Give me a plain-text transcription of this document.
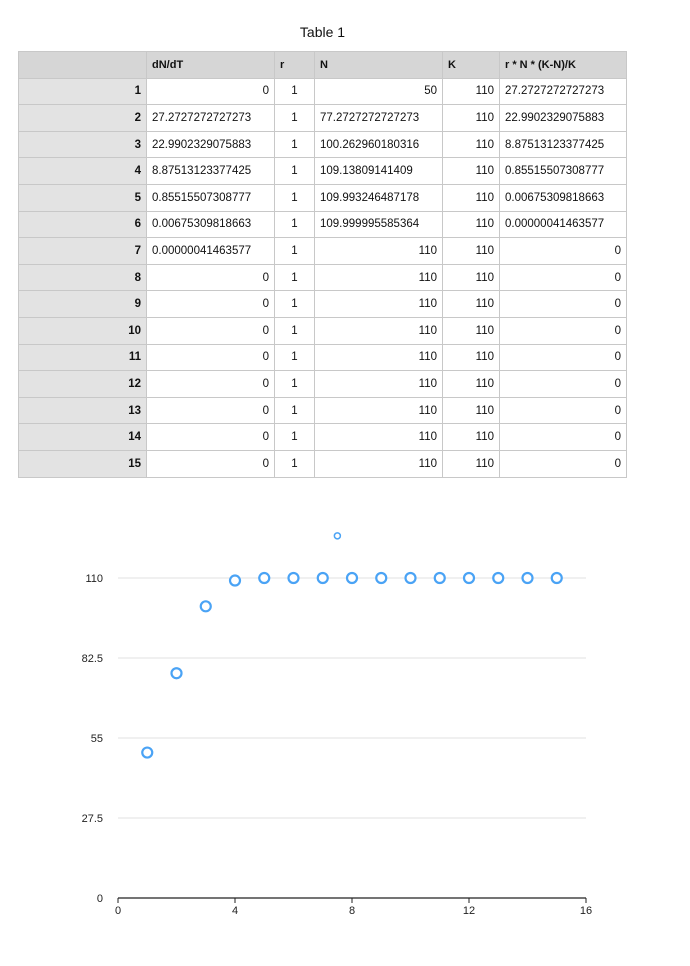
Table 1
	dN/dT	r	N	K	r * N * (K-N)/K
1	0	1	50	110	27.2727272727273
2	27.2727272727273	1	77.2727272727273	110	22.9902329075883
3	22.9902329075883	1	100.262960180316	110	8.87513123377425
4	8.87513123377425	1	109.13809141409	110	0.85515507308777
5	0.85515507308777	1	109.993246487178	110	0.00675309818663
6	0.00675309818663	1	109.999995585364	110	0.00000041463577
7	0.00000041463577	1	110	110	0
8	0	1	110	110	0
9	0	1	110	110	0
10	0	1	110	110	0
11	0	1	110	110	0
12	0	1	110	110	0
13	0	1	110	110	0
14	0	1	110	110	0
15	0	1	110	110	0
0
27.5
55
82.5
110
0	4	8	12	16
